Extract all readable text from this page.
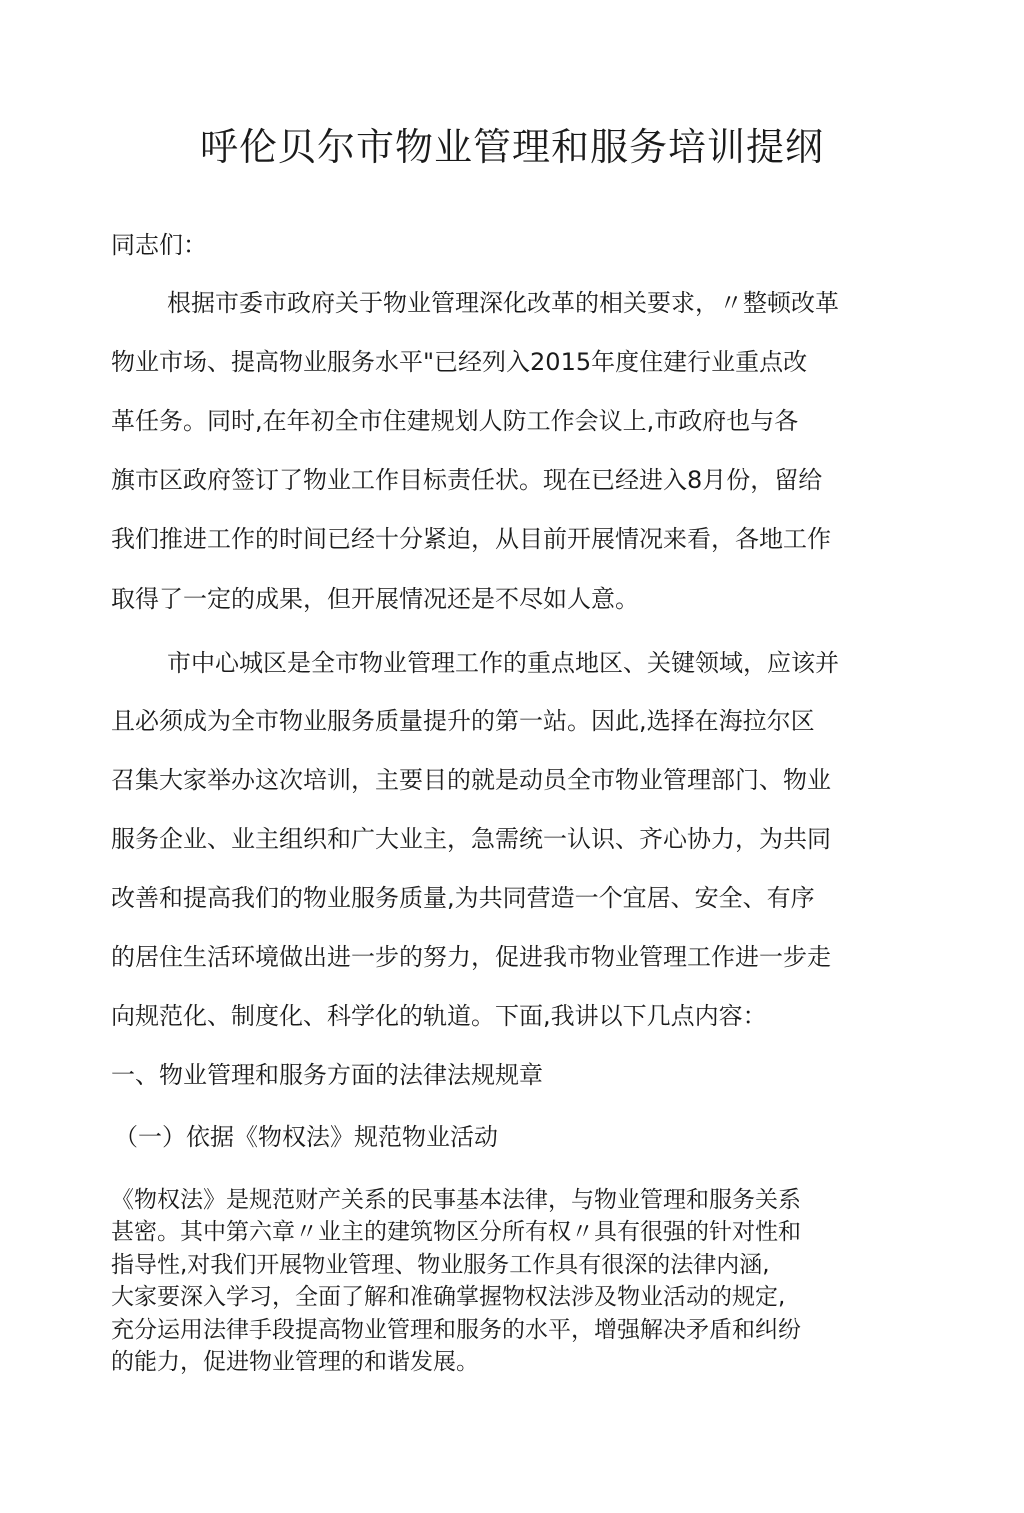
呼伦贝尔市物业管理和服务培训提纲

同志们：

根据市委市政府关于物业管理深化改革的相关要求，〃整顿改革

物业市场、提高物业服务水平"已经列入2015年度住建行业重点改

革任务。同时,在年初全市住建规划人防工作会议上,市政府也与各

旗市区政府签订了物业工作目标责任状。现在已经进入8月份，留给

我们推进工作的时间已经十分紧迫，从目前开展情况来看，各地工作

取得了一定的成果，但开展情况还是不尽如人意。

市中心城区是全市物业管理工作的重点地区、关键领域，应该并

且必须成为全市物业服务质量提升的第一站。因此,选择在海拉尔区

召集大家举办这次培训，主要目的就是动员全市物业管理部门、物业

服务企业、业主组织和广大业主，急需统一认识、齐心协力，为共同

改善和提高我们的物业服务质量,为共同营造一个宜居、安全、有序

的居住生活环境做出进一步的努力，促进我市物业管理工作进一步走

向规范化、制度化、科学化的轨道。下面,我讲以下几点内容：

一、物业管理和服务方面的法律法规规章

（一）依据《物权法》规范物业活动

《物权法》是规范财产关系的民事基本法律，与物业管理和服务关系

甚密。其中第六章〃业主的建筑物区分所有权〃具有很强的针对性和

指导性,对我们开展物业管理、物业服务工作具有很深的法律内涵,

大家要深入学习，全面了解和准确掌握物权法涉及物业活动的规定,

充分运用法律手段提高物业管理和服务的水平，增强解决矛盾和纠纷

的能力，促进物业管理的和谐发展。
